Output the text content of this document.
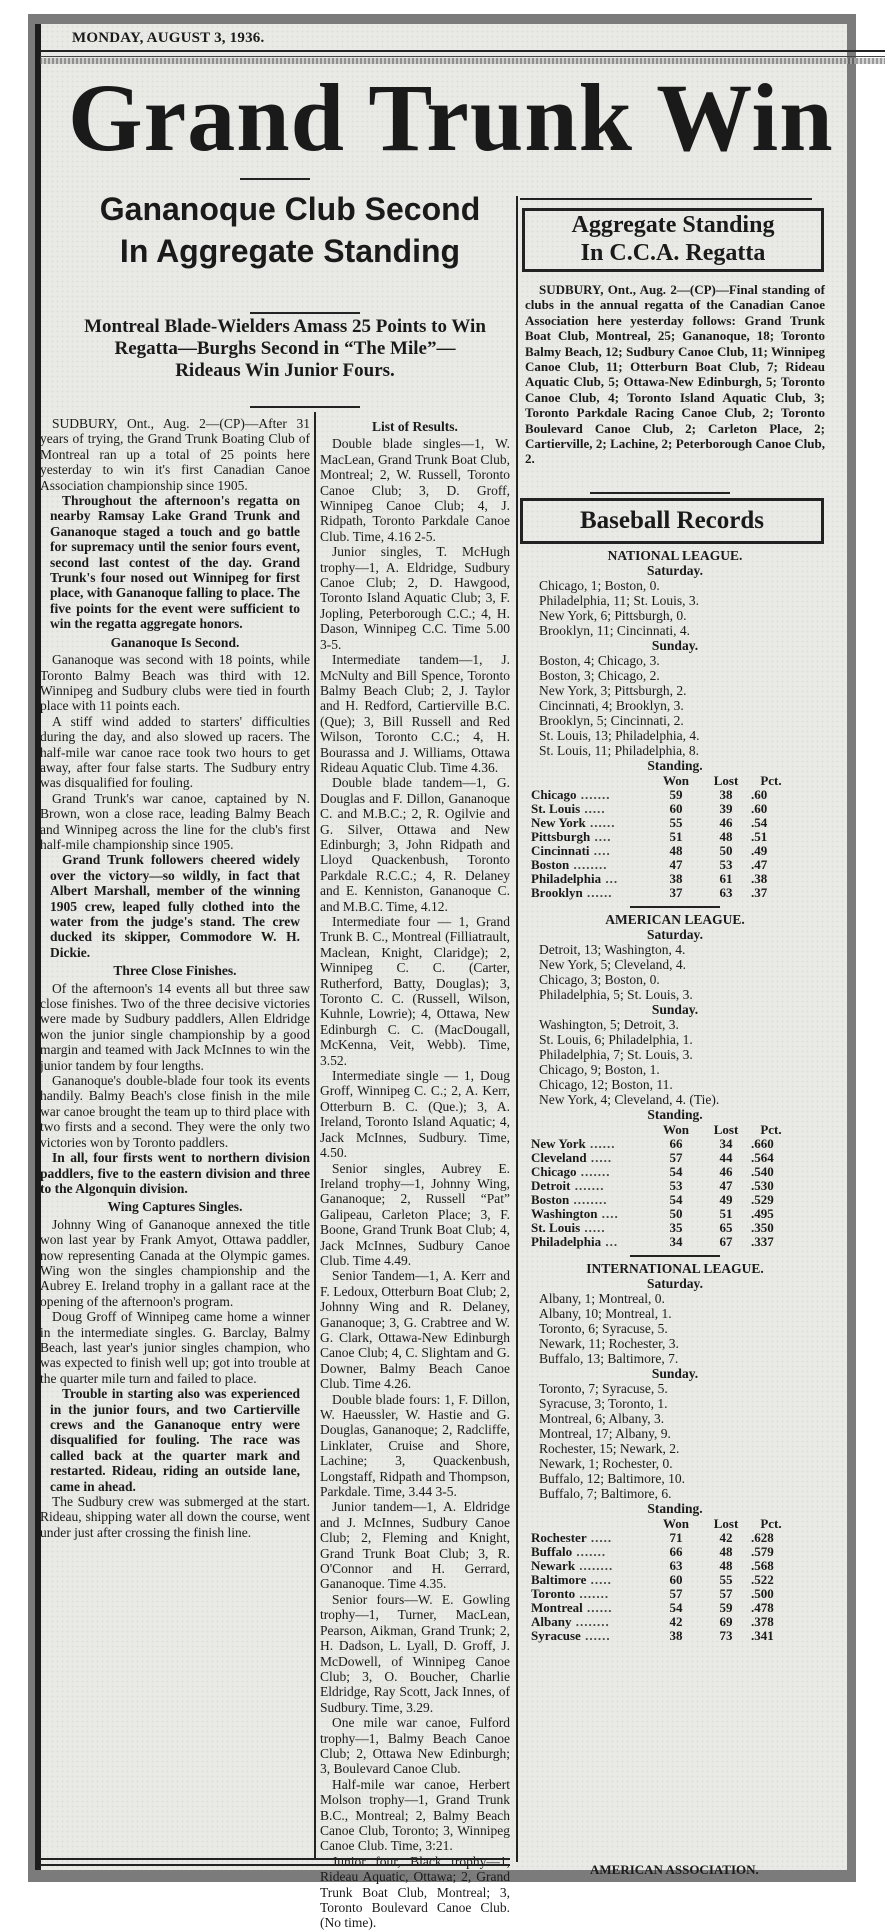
MONDAY, AUGUST 3, 1936.
Grand Trunk Win
Gananoque Club Second
In Aggregate Standing
Montreal Blade-Wielders Amass 25 Points to Win
Regatta—Burghs Second in “The Mile”—
Rideaus Win Junior Fours.

SUDBURY, Ont., Aug. 2—(CP)—After 31 years of trying, the Grand Trunk Boating Club of Montreal ran up a total of 25 points here yesterday to win it's first Canadian Canoe Association championship since 1905.

Throughout the afternoon's regatta on nearby Ramsay Lake Grand Trunk and Gananoque staged a touch and go battle for supremacy until the senior fours event, second last contest of the day. Grand Trunk's four nosed out Winnipeg for first place, with Gananoque falling to place. The five points for the event were sufficient to win the regatta aggregate honors.

Gananoque Is Second.

Gananoque was second with 18 points, while Toronto Balmy Beach was third with 12. Winnipeg and Sudbury clubs were tied in fourth place with 11 points each.

A stiff wind added to starters' difficulties during the day, and also slowed up racers. The half-mile war canoe race took two hours to get away, after four false starts. The Sudbury entry was disqualified for fouling.

Grand Trunk's war canoe, captained by N. Brown, won a close race, leading Balmy Beach and Winnipeg across the line for the club's first half-mile championship since 1905.

Grand Trunk followers cheered widely over the victory—so wildly, in fact that Albert Marshall, member of the winning 1905 crew, leaped fully clothed into the water from the judge's stand. The crew ducked its skipper, Commodore W. H. Dickie.

Three Close Finishes.

Of the afternoon's 14 events all but three saw close finishes. Two of the three decisive victories were made by Sudbury paddlers, Allen Eldridge won the junior single championship by a good margin and teamed with Jack McInnes to win the junior tandem by four lengths.

Gananoque's double-blade four took its events handily. Balmy Beach's close finish in the mile war canoe brought the team up to third place with two firsts and a second. They were the only two victories won by Toronto paddlers.

In all, four firsts went to northern division paddlers, five to the eastern division and three to the Algonquin division.

Wing Captures Singles.

Johnny Wing of Gananoque annexed the title won last year by Frank Amyot, Ottawa paddler, now representing Canada at the Olympic games. Wing won the singles championship and the Aubrey E. Ireland trophy in a gallant race at the opening of the afternoon's program.

Doug Groff of Winnipeg came home a winner in the intermediate singles. G. Barclay, Balmy Beach, last year's junior singles champion, who was expected to finish well up; got into trouble at the quarter mile turn and failed to place.

Trouble in starting also was experienced in the junior fours, and two Cartierville crews and the Gananoque entry were disqualified for fouling. The race was called back at the quarter mark and restarted. Rideau, riding an outside lane, came in ahead.

The Sudbury crew was submerged at the start. Rideau, shipping water all down the course, went under just after crossing the finish line.

List of Results.

Double blade singles—1, W. MacLean, Grand Trunk Boat Club, Montreal; 2, W. Russell, Toronto Canoe Club; 3, D. Groff, Winnipeg Canoe Club; 4, J. Ridpath, Toronto Parkdale Canoe Club. Time, 4.16 2-5.

Junior singles, T. McHugh trophy—1, A. Eldridge, Sudbury Canoe Club; 2, D. Hawgood, Toronto Island Aquatic Club; 3, F. Jopling, Peterborough C.C.; 4, H. Dason, Winnipeg C.C. Time 5.00 3-5.

Intermediate tandem—1, J. McNulty and Bill Spence, Toronto Balmy Beach Club; 2, J. Taylor and H. Redford, Cartierville B.C. (Que); 3, Bill Russell and Red Wilson, Toronto C.C.; 4, H. Bourassa and J. Williams, Ottawa Rideau Aquatic Club. Time 4.36.

Double blade tandem—1, G. Douglas and F. Dillon, Gananoque C. and M.B.C.; 2, R. Ogilvie and G. Silver, Ottawa and New Edinburgh; 3, John Ridpath and Lloyd Quackenbush, Toronto Parkdale R.C.C.; 4, R. Delaney and E. Kenniston, Gananoque C. and M.B.C. Time, 4.12.

Intermediate four — 1, Grand Trunk B. C., Montreal (Filliatrault, Maclean, Knight, Claridge); 2, Winnipeg C. C. (Carter, Rutherford, Batty, Douglas); 3, Toronto C. C. (Russell, Wilson, Kuhnle, Lowrie); 4, Ottawa, New Edinburgh C. C. (MacDougall, McKenna, Veit, Webb). Time, 3.52.

Intermediate single — 1, Doug Groff, Winnipeg C. C.; 2, A. Kerr, Otterburn B. C. (Que.); 3, A. Ireland, Toronto Island Aquatic; 4, Jack McInnes, Sudbury. Time, 4.50.

Senior singles, Aubrey E. Ireland trophy—1, Johnny Wing, Gananoque; 2, Russell “Pat” Galipeau, Carleton Place; 3, F. Boone, Grand Trunk Boat Club; 4, Jack McInnes, Sudbury Canoe Club. Time 4.49.

Senior Tandem—1, A. Kerr and F. Ledoux, Otterburn Boat Club; 2, Johnny Wing and R. Delaney, Gananoque; 3, G. Crabtree and W. G. Clark, Ottawa-New Edinburgh Canoe Club; 4, C. Slightam and G. Downer, Balmy Beach Canoe Club. Time 4.26.

Double blade fours: 1, F. Dillon, W. Haeussler, W. Hastie and G. Douglas, Gananoque; 2, Radcliffe, Linklater, Cruise and Shore, Lachine; 3, Quackenbush, Longstaff, Ridpath and Thompson, Parkdale. Time, 3.44 3-5.

Junior tandem—1, A. Eldridge and J. McInnes, Sudbury Canoe Club; 2, Fleming and Knight, Grand Trunk Boat Club; 3, R. O'Connor and H. Gerrard, Gananoque. Time 4.35.

Senior fours—W. E. Gowling trophy—1, Turner, MacLean, Pearson, Aikman, Grand Trunk; 2, H. Dadson, L. Lyall, D. Groff, J. McDowell, of Winnipeg Canoe Club; 3, O. Boucher, Charlie Eldridge, Ray Scott, Jack Innes, of Sudbury. Time, 3.29.

One mile war canoe, Fulford trophy—1, Balmy Beach Canoe Club; 2, Ottawa New Edinburgh; 3, Boulevard Canoe Club.

Half-mile war canoe, Herbert Molson trophy—1, Grand Trunk B.C., Montreal; 2, Balmy Beach Canoe Club, Toronto; 3, Winnipeg Canoe Club. Time, 3:21.

Junior four, Black trophy—1, Rideau Aquatic, Ottawa; 2, Grand Trunk Boat Club, Montreal; 3, Toronto Boulevard Canoe Club. (No time).

Aggregate Standing
In C.C.A. Regatta

SUDBURY, Ont., Aug. 2—(CP)—Final standing of clubs in the annual regatta of the Canadian Canoe Association here yesterday follows: Grand Trunk Boat Club, Montreal, 25; Gananoque, 18; Toronto Balmy Beach, 12; Sudbury Canoe Club, 11; Winnipeg Canoe Club, 11; Otterburn Boat Club, 7; Rideau Aquatic Club, 5; Ottawa-New Edinburgh, 5; Toronto Canoe Club, 4; Toronto Island Aquatic Club, 3; Toronto Parkdale Racing Canoe Club, 2; Toronto Boulevard Canoe Club, 2; Carleton Place, 2; Cartierville, 2; Lachine, 2; Peterborough Canoe Club, 2.

Baseball Records
NATIONAL LEAGUE.
Saturday.
Chicago, 1; Boston, 0.
Philadelphia, 11; St. Louis, 3.
New York, 6; Pittsburgh, 0.
Brooklyn, 11; Cincinnati, 4.
Sunday.
Boston, 4; Chicago, 3.
Boston, 3; Chicago, 2.
New York, 3; Pittsburgh, 2.
Cincinnati, 4; Brooklyn, 3.
Brooklyn, 5; Cincinnati, 2.
St. Louis, 13; Philadelphia, 4.
St. Louis, 11; Philadelphia, 8.
Standing.
	Won	Lost	Pct.
Chicago .......	59	38	.60
St. Louis .....	60	39	.60
New York ......	55	46	.54
Pittsburgh ....	51	48	.51
Cincinnati ....	48	50	.49
Boston ........	47	53	.47
Philadelphia ...	38	61	.38
Brooklyn ......	37	63	.37
AMERICAN LEAGUE.
Saturday.
Detroit, 13; Washington, 4.
New York, 5; Cleveland, 4.
Chicago, 3; Boston, 0.
Philadelphia, 5; St. Louis, 3.
Sunday.
Washington, 5; Detroit, 3.
St. Louis, 6; Philadelphia, 1.
Philadelphia, 7; St. Louis, 3.
Chicago, 9; Boston, 1.
Chicago, 12; Boston, 11.
New York, 4; Cleveland, 4. (Tie).
Standing.
	Won	Lost	Pct.
New York ......	66	34	.660
Cleveland .....	57	44	.564
Chicago .......	54	46	.540
Detroit .......	53	47	.530
Boston ........	54	49	.529
Washington ....	50	51	.495
St. Louis .....	35	65	.350
Philadelphia ...	34	67	.337
INTERNATIONAL LEAGUE.
Saturday.
Albany, 1; Montreal, 0.
Albany, 10; Montreal, 1.
Toronto, 6; Syracuse, 5.
Newark, 11; Rochester, 3.
Buffalo, 13; Baltimore, 7.
Sunday.
Toronto, 7; Syracuse, 5.
Syracuse, 3; Toronto, 1.
Montreal, 6; Albany, 3.
Montreal, 17; Albany, 9.
Rochester, 15; Newark, 2.
Newark, 1; Rochester, 0.
Buffalo, 12; Baltimore, 10.
Buffalo, 7; Baltimore, 6.
Standing.
	Won	Lost	Pct.
Rochester .....	71	42	.628
Buffalo .......	66	48	.579
Newark ........	63	48	.568
Baltimore .....	60	55	.522
Toronto .......	57	57	.500
Montreal ......	54	59	.478
Albany ........	42	69	.378
Syracuse ......	38	73	.341
AMERICAN ASSOCIATION.
